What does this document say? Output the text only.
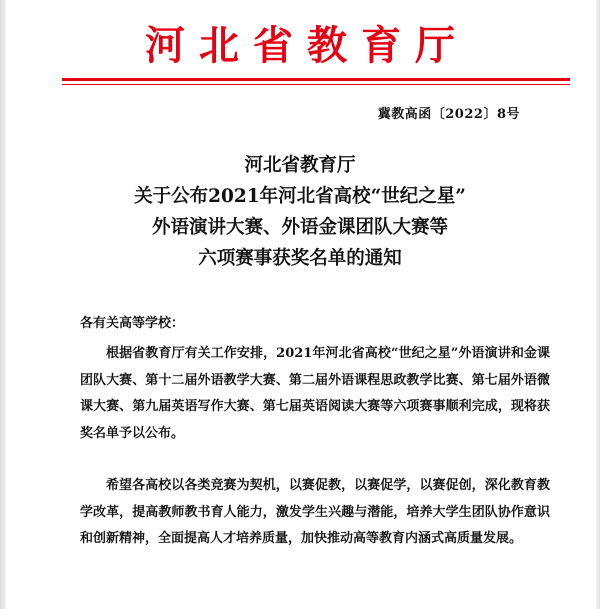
河北省教育厅
冀教高函〔2022〕8号
河北省教育厅
关于公布2021年河北省高校“世纪之星”
外语演讲大赛、外语金课团队大赛等
六项赛事获奖名单的通知
各有关高等学校：
根据省教育厅有关工作安排，2021年河北省高校“世纪之星”外语演讲和金课团队大赛、第十二届外语教学大赛、第二届外语课程思政教学比赛、第七届外语微课大赛、第九届英语写作大赛、第七届英语阅读大赛等六项赛事顺利完成，现将获奖名单予以公布。
希望各高校以各类竞赛为契机，以赛促教，以赛促学，以赛促创，深化教育教学改革，提高教师教书育人能力，激发学生兴趣与潜能，培养大学生团队协作意识和创新精神，全面提高人才培养质量，加快推动高等教育内涵式高质量发展。
